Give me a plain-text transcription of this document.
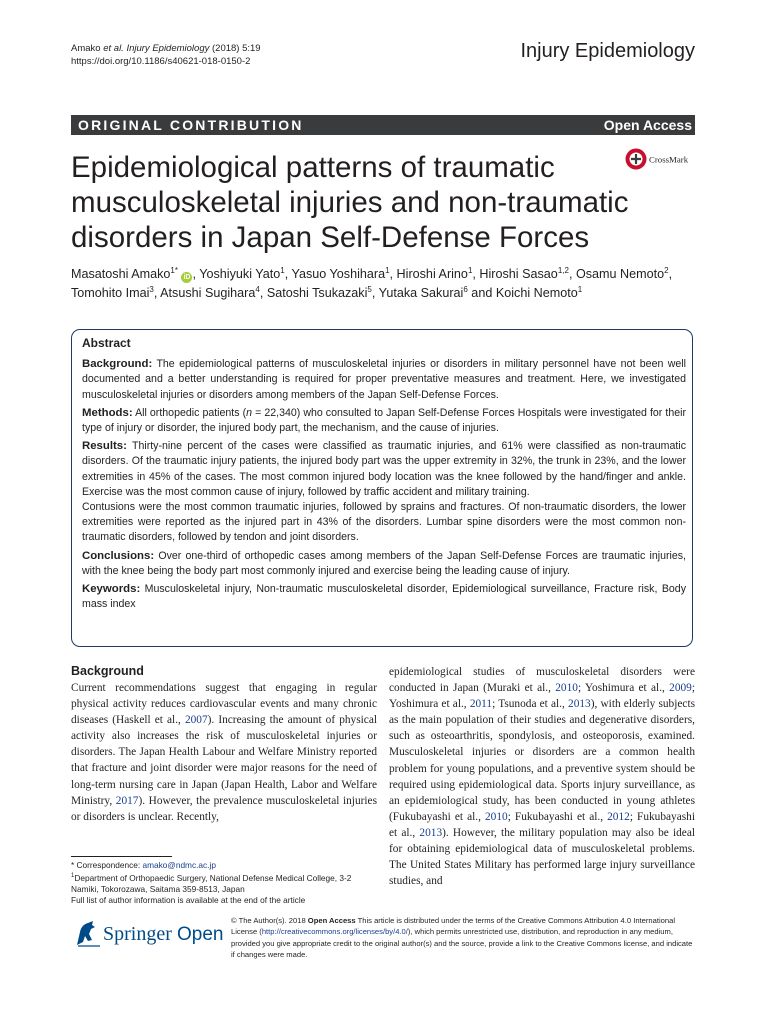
Amako et al. Injury Epidemiology (2018) 5:19
https://doi.org/10.1186/s40621-018-0150-2	Injury Epidemiology
ORIGINAL CONTRIBUTION	Open Access
CrossMark
Epidemiological patterns of traumatic musculoskeletal injuries and non-traumatic disorders in Japan Self-Defense Forces
Masatoshi Amako$^{1*}$ iD , Yoshiyuki Yato$^1$, Yasuo Yoshihara$^1$, Hiroshi Arino$^1$, Hiroshi Sasao$^{1,2}$, Osamu Nemoto$^2$, Tomohito Imai$^3$, Atsushi Sugihara$^4$, Satoshi Tsukazaki$^5$, Yutaka Sakurai$^6$ and Koichi Nemoto$^1$
Abstract

Background: The epidemiological patterns of musculoskeletal injuries or disorders in military personnel have not been well documented and a better understanding is required for proper preventative measures and treatment. Here, we investigated musculoskeletal injuries or disorders among members of the Japan Self-Defense Forces.

Methods: All orthopedic patients (n = 22,340) who consulted to Japan Self-Defense Forces Hospitals were investigated for their type of injury or disorder, the injured body part, the mechanism, and the cause of injuries.

Results: Thirty-nine percent of the cases were classified as traumatic injuries, and 61% were classified as non-traumatic disorders. Of the traumatic injury patients, the injured body part was the upper extremity in 32%, the trunk in 23%, and the lower extremities in 45% of the cases. The most common injured body location was the knee followed by the hand/finger and ankle. Exercise was the most common cause of injury, followed by traffic accident and military training.

Contusions were the most common traumatic injuries, followed by sprains and fractures. Of non-traumatic disorders, the lower extremities were reported as the injured part in 43% of the disorders. Lumbar spine disorders were the most common non-traumatic disorders, followed by tendon and joint disorders.

Conclusions: Over one-third of orthopedic cases among members of the Japan Self-Defense Forces are traumatic injuries, with the knee being the body part most commonly injured and exercise being the leading cause of injury.

Keywords: Musculoskeletal injury, Non-traumatic musculoskeletal disorder, Epidemiological surveillance, Fracture risk, Body mass index

Background

Current recommendations suggest that engaging in regular physical activity reduces cardiovascular events and many chronic diseases (Haskell et al., 2007). Increasing the amount of physical activity also increases the risk of musculoskeletal injuries or disorders. The Japan Health Labour and Welfare Ministry reported that fracture and joint disorder were major reasons for the need of long-term nursing care in Japan (Japan Health, Labor and Welfare Ministry, 2017). However, the prevalence musculoskeletal injuries or disorders is unclear. Recently,

epidemiological studies of musculoskeletal disorders were conducted in Japan (Muraki et al., 2010; Yoshimura et al., 2009; Yoshimura et al., 2011; Tsunoda et al., 2013), with elderly subjects as the main population of their studies and degenerative disorders, such as osteoarthritis, spondylosis, and osteoporosis, examined. Musculoskeletal injuries or disorders are a common health problem for young populations, and a preventive system should be required using epidemiological data. Sports injury surveillance, as an epidemiological study, has been conducted in young athletes (Fukubayashi et al., 2010; Fukubayashi et al., 2012; Fukubayashi et al., 2013). However, the military population may also be ideal for obtaining epidemiological data of musculoskeletal problems. The United States Military has performed large injury surveillance studies, and

* Correspondence: amako@ndmc.ac.jp

$^1$Department of Orthopaedic Surgery, National Defense Medical College, 3-2 Namiki, Tokorozawa, Saitama 359-8513, Japan

Full list of author information is available at the end of the article

Springer Open
© The Author(s). 2018 Open Access This article is distributed under the terms of the Creative Commons Attribution 4.0 International License (http://creativecommons.org/licenses/by/4.0/), which permits unrestricted use, distribution, and reproduction in any medium, provided you give appropriate credit to the original author(s) and the source, provide a link to the Creative Commons license, and indicate if changes were made.
